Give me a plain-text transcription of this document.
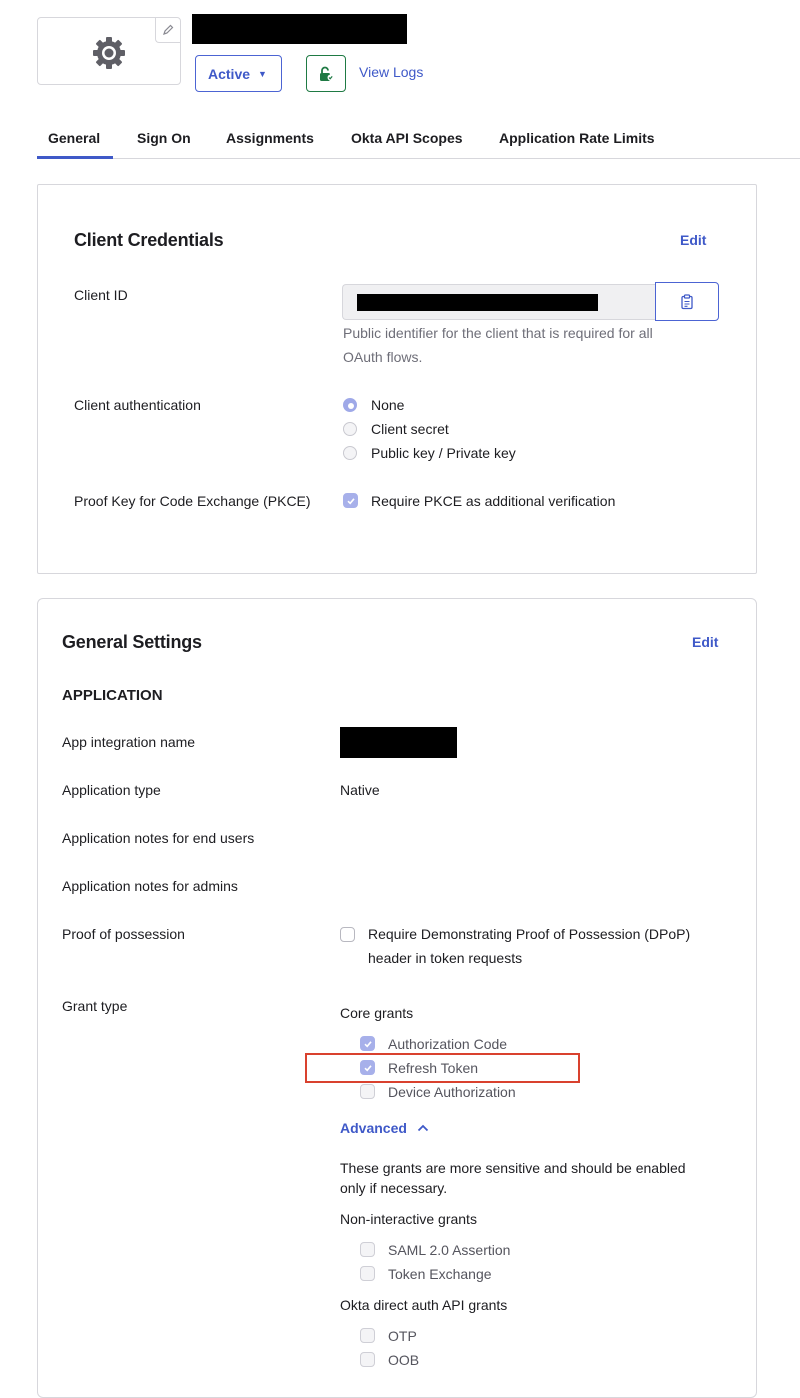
Active ▼	View Logs
General	Sign On	Assignments	Okta API Scopes	Application Rate Limits
Client Credentials	Edit
Client ID
Public identifier for the client that is required for all
OAuth flows.
Client authentication	None
Client secret
Public key / Private key
Proof Key for Code Exchange (PKCE)	Require PKCE as additional verification
General Settings	Edit
APPLICATION
App integration name
Application type	Native
Application notes for end users
Application notes for admins
Proof of possession	Require Demonstrating Proof of Possession (DPoP)
header in token requests
Grant type	Core grants
Authorization Code
Refresh Token
Device Authorization
Advanced
These grants are more sensitive and should be enabled
only if necessary.
Non-interactive grants
SAML 2.0 Assertion
Token Exchange
Okta direct auth API grants
OTP
OOB
